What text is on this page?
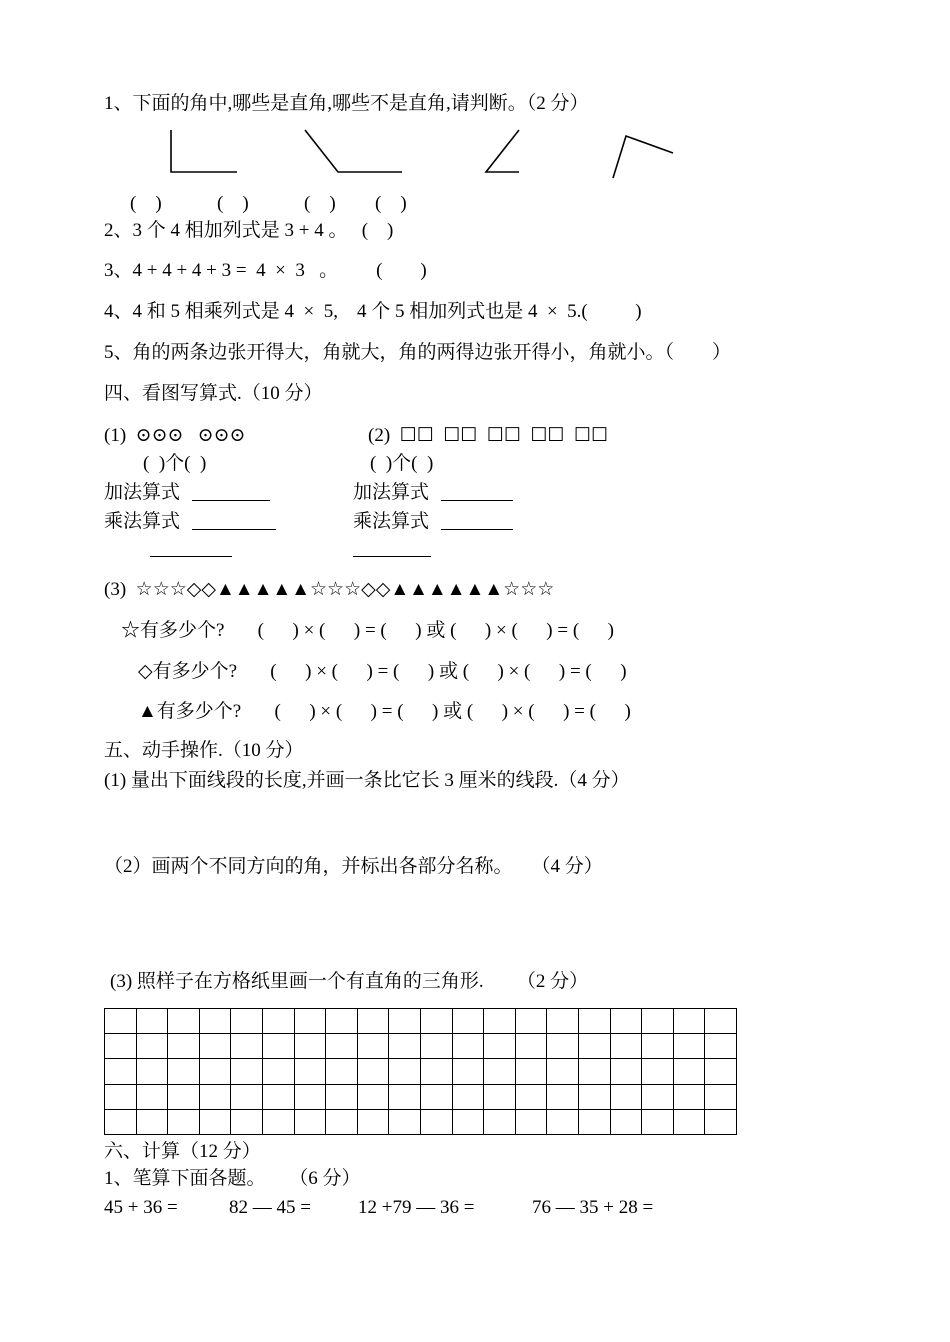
1、下面的角中,哪些是直角,哪些不是直角,请判断。（2 分）
(    )	(    )	(    ) (    )
2、3 个 4 相加列式是 3 + 4 。   (    )
3、4 + 4 + 4 + 3 =  4  ×  3   。        (        )
4、4 和 5 相乘列式是 4  ×  5,    4 个 5 相加列式也是 4  ×  5.(          )
5、角的两条边张开得大，角就大，角的两得边张开得小，角就小。（        ）
四、看图写算式.（10 分）
(1)  ⊙⊙⊙   ⊙⊙⊙	(2)  ☐☐  ☐☐  ☐☐  ☐☐  ☐☐
(  )个(  )	(  )个(  )
加法算式	加法算式
乘法算式	乘法算式
(3)  ☆☆☆◇◇▲▲▲▲▲☆☆☆◇◇▲▲▲▲▲▲☆☆☆
☆有多少个?       (      ) × (      ) = (      ) 或 (      ) × (      ) = (      )
◇有多少个?       (      ) × (      ) = (      ) 或 (      ) × (      ) = (      )
▲有多少个?       (      ) × (      ) = (      ) 或 (      ) × (      ) = (      )
五、动手操作.（10 分）
(1) 量出下面线段的长度,并画一条比它长 3 厘米的线段.（4 分）
（2）画两个不同方向的角，并标出各部分名称。    （4 分）
(3) 照样子在方格纸里画一个有直角的三角形.       （2 分）

六、计算（12 分）
1、笔算下面各题。     （6 分）
45 + 36 =	82 — 45 = 12 +79 — 36 =	76 — 35 + 28 =
